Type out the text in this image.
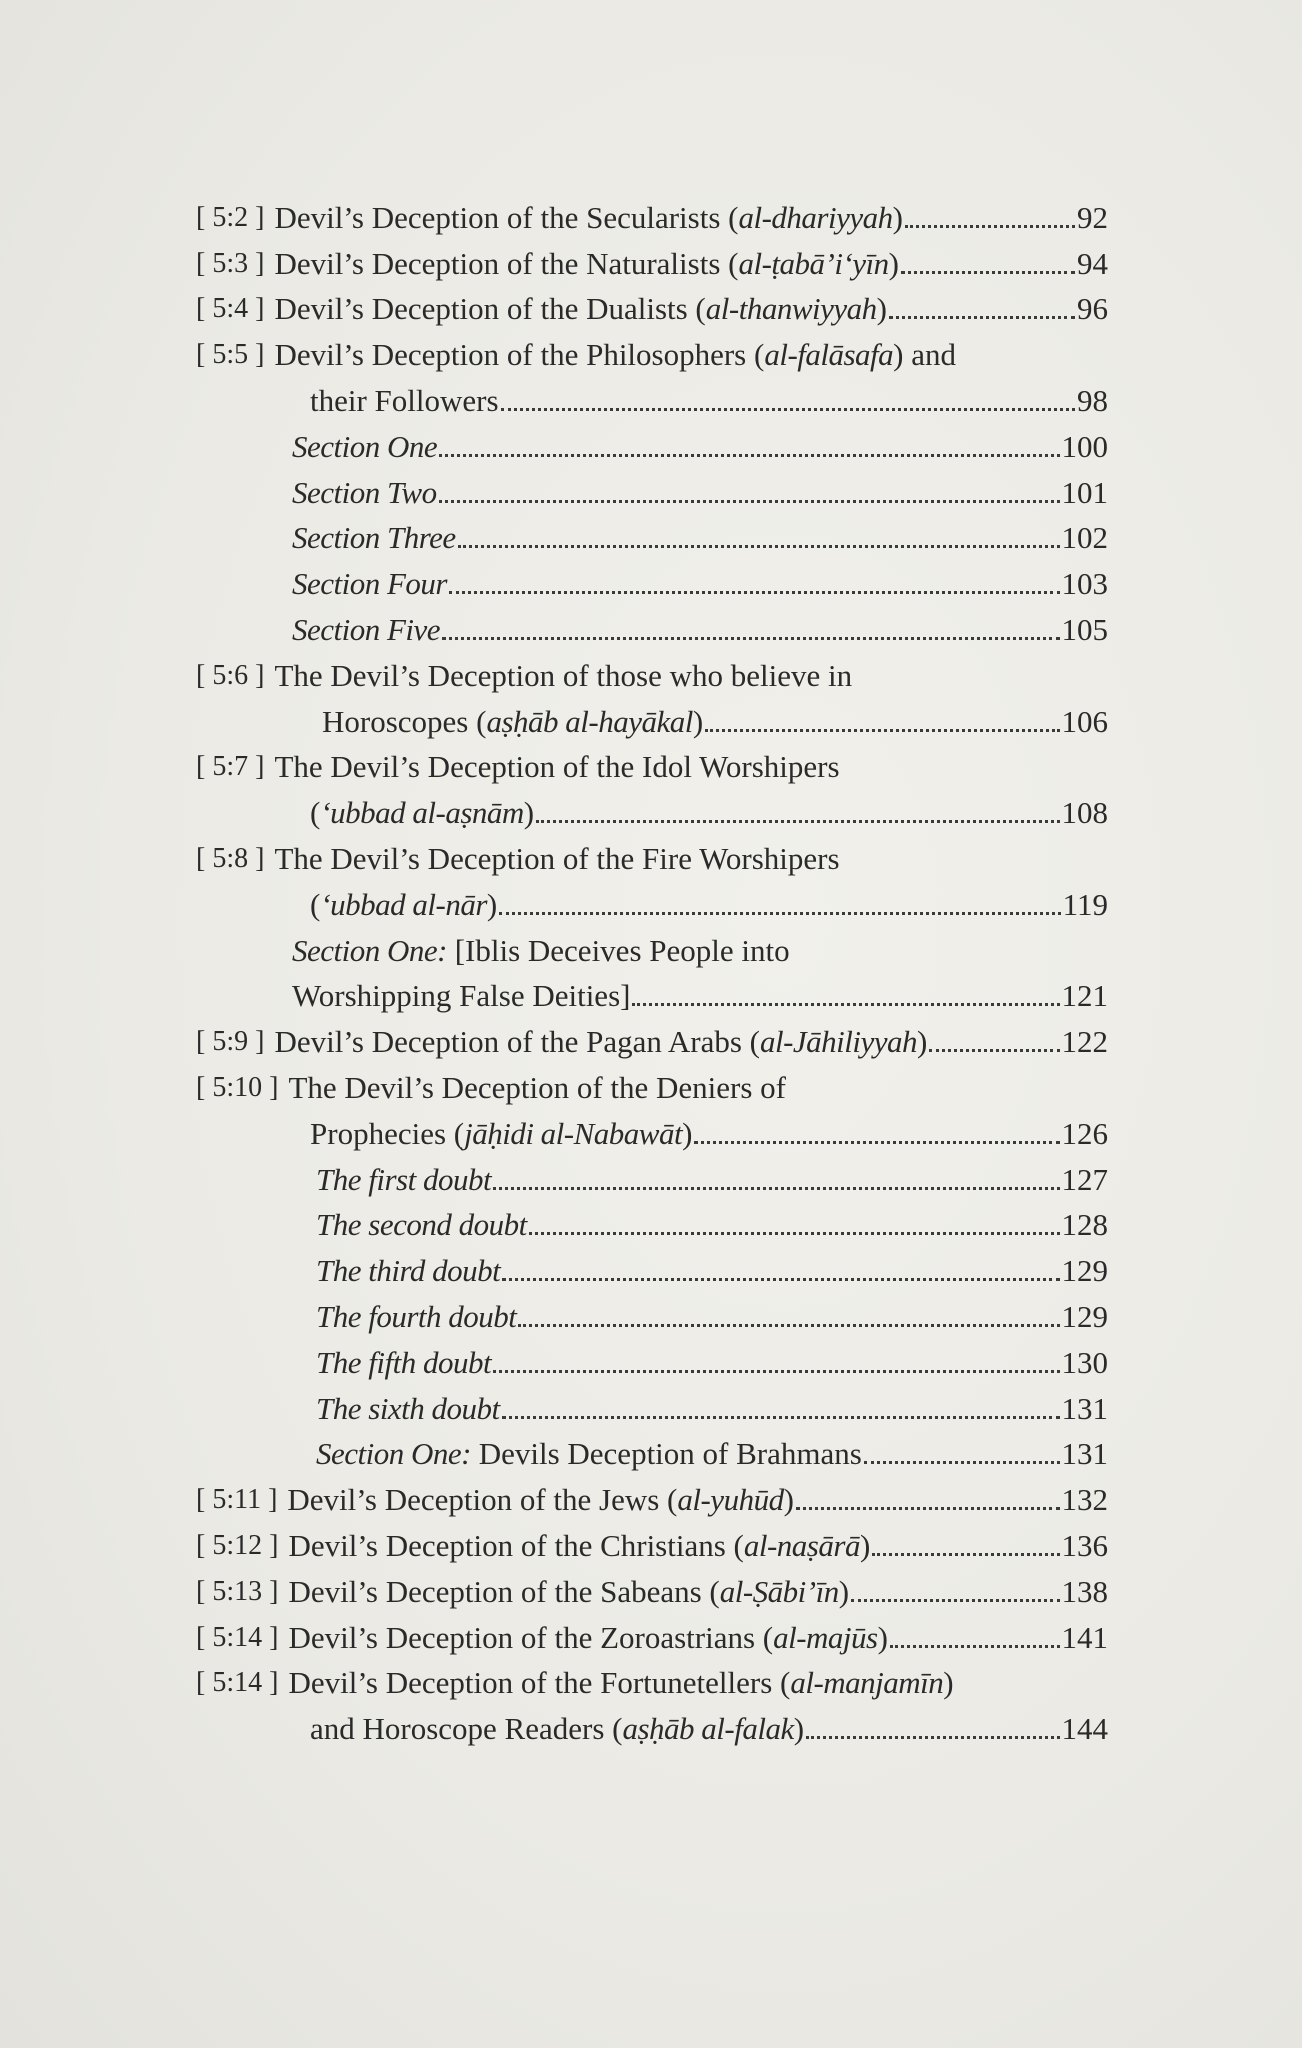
[ 5:2 ] Devil’s Deception of the Secularists (al-dhariyyah)	92
[ 5:3 ] Devil’s Deception of the Naturalists (al-ṭabā’i‘yīn)	94
[ 5:4 ] Devil’s Deception of the Dualists (al-thanwiyyah)	96
[ 5:5 ] Devil’s Deception of the Philosophers (al-falāsafa) and
their Followers	98
Section One	100
Section Two	101
Section Three	102
Section Four	103
Section Five	105
[ 5:6 ] The Devil’s Deception of those who believe in
Horoscopes (aṣḥāb al-hayākal)	106
[ 5:7 ] The Devil’s Deception of the Idol Worshipers
(‘ubbad al-aṣnām)	108
[ 5:8 ] The Devil’s Deception of the Fire Worshipers
(‘ubbad al-nār)	119
Section One: [Iblis Deceives People into
Worshipping False Deities]	121
[ 5:9 ] Devil’s Deception of the Pagan Arabs (al-Jāhiliyyah)	122
[ 5:10 ] The Devil’s Deception of the Deniers of
Prophecies (jāḥidi al-Nabawāt)	126
The first doubt	127
The second doubt	128
The third doubt	129
The fourth doubt	129
The fifth doubt	130
The sixth doubt	131
Section One: Devils Deception of Brahmans	131
[ 5:11 ] Devil’s Deception of the Jews (al-yuhūd)	132
[ 5:12 ] Devil’s Deception of the Christians (al-naṣārā)	136
[ 5:13 ] Devil’s Deception of the Sabeans (al-Ṣābi’īn)	138
[ 5:14 ] Devil’s Deception of the Zoroastrians (al-majūs)	141
[ 5:14 ] Devil’s Deception of the Fortunetellers (al-manjamīn)
and Horoscope Readers (aṣḥāb al-falak)	144
